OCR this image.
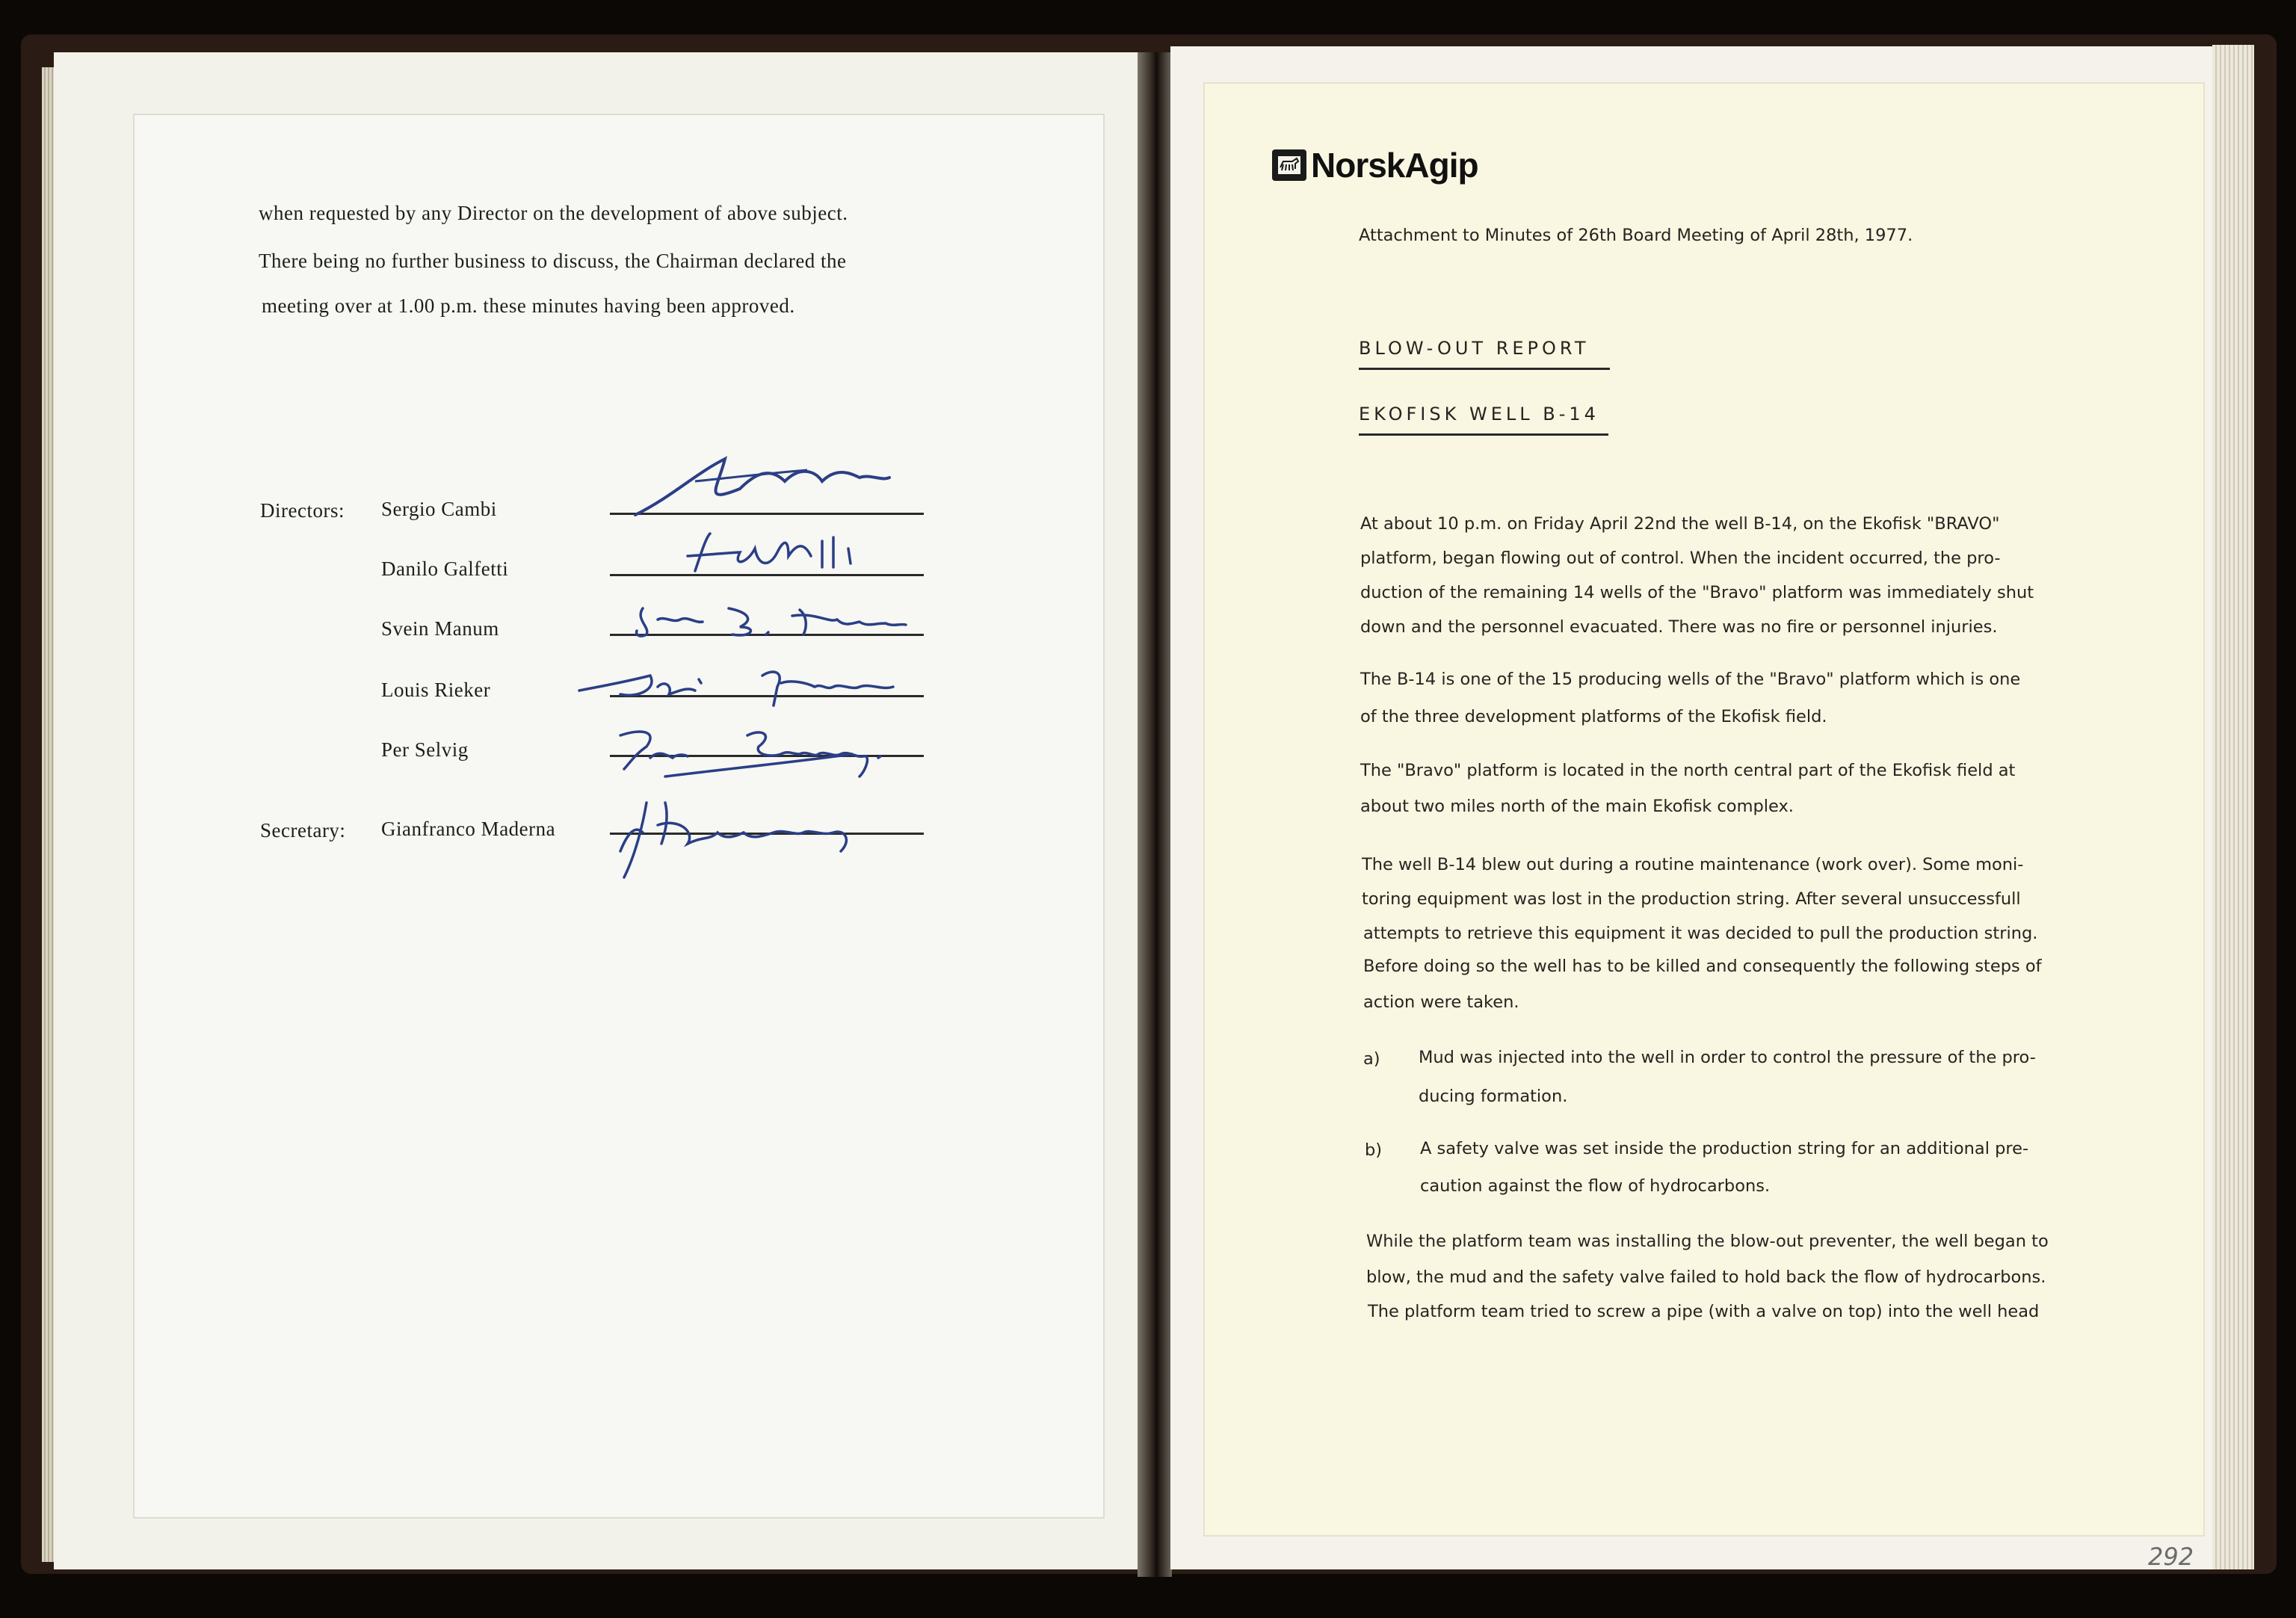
when requested by any Director on the development of above subject.
There being no further business to discuss, the Chairman declared the
meeting over at 1.00 p.m. these minutes having been approved.
Directors:
Secretary:
Sergio Cambi
Danilo Galfetti
Svein Manum
Louis Rieker
Per Selvig
Gianfranco Maderna
NorskAgip
Attachment to Minutes of 26th Board Meeting of April 28th, 1977.
BLOW-OUT REPORT
EKOFISK WELL B-14
At about 10 p.m. on Friday April 22nd the well B-14, on the Ekofisk "BRAVO"
platform, began flowing out of control. When the incident occurred, the pro-
duction of the remaining 14 wells of the "Bravo" platform was immediately shut
down and the personnel evacuated. There was no fire or personnel injuries.
The B-14 is one of the 15 producing wells of the "Bravo" platform which is one
of the three development platforms of the Ekofisk field.
The "Bravo" platform is located in the north central part of the Ekofisk field at
about two miles north of the main Ekofisk complex.
The well B-14 blew out during a routine maintenance (work over). Some moni-
toring equipment was lost in the production string. After several unsuccessfull
attempts to retrieve this equipment it was decided to pull the production string.
Before doing so the well has to be killed and consequently the following steps of
action were taken.
a) Mud was injected into the well in order to control the pressure of the pro-
ducing formation.
b) A safety valve was set inside the production string for an additional pre-
caution against the flow of hydrocarbons.
While the platform team was installing the blow-out preventer, the well began to
blow, the mud and the safety valve failed to hold back the flow of hydrocarbons.
The platform team tried to screw a pipe (with a valve on top) into the well head
292
